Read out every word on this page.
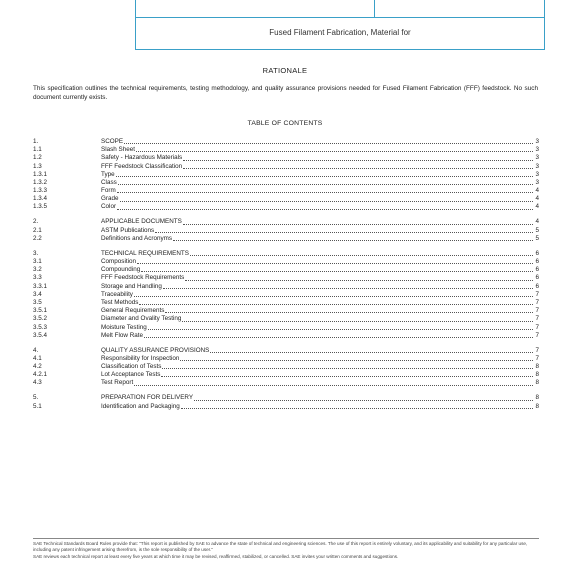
Fused Filament Fabrication, Material for
RATIONALE
This specification outlines the technical requirements, testing methodology, and quality assurance provisions needed for Fused Filament Fabrication (FFF) feedstock. No such document currently exists.
TABLE OF CONTENTS
1.	SCOPE	3
1.1	Slash Sheet	3
1.2	Safety - Hazardous Materials	3
1.3	FFF Feedstock Classification	3
1.3.1	Type	3
1.3.2	Class	3
1.3.3	Form	4
1.3.4	Grade	4
1.3.5	Color	4
2.	APPLICABLE DOCUMENTS	4
2.1	ASTM Publications	5
2.2	Definitions and Acronyms	5
3.	TECHNICAL REQUIREMENTS	6
3.1	Composition	6
3.2	Compounding	6
3.3	FFF Feedstock Requirements	6
3.3.1	Storage and Handling	6
3.4	Traceability	7
3.5	Test Methods	7
3.5.1	General Requirements	7
3.5.2	Diameter and Ovality Testing	7
3.5.3	Moisture Testing	7
3.5.4	Melt Flow Rate	7
4.	QUALITY ASSURANCE PROVISIONS	7
4.1	Responsibility for Inspection	7
4.2	Classification of Tests	8
4.2.1	Lot Acceptance Tests	8
4.3	Test Report	8
5.	PREPARATION FOR DELIVERY	8
5.1	Identification and Packaging	8

SAE Technical Standards Board Rules provide that: "This report is published by SAE to advance the state of technical and engineering sciences. The use of this report is entirely voluntary, and its applicability and suitability for any particular use, including any patent infringement arising therefrom, is the sole responsibility of the user."

SAE reviews each technical report at least every five years at which time it may be revised, reaffirmed, stabilized, or cancelled. SAE invites your written comments and suggestions.
